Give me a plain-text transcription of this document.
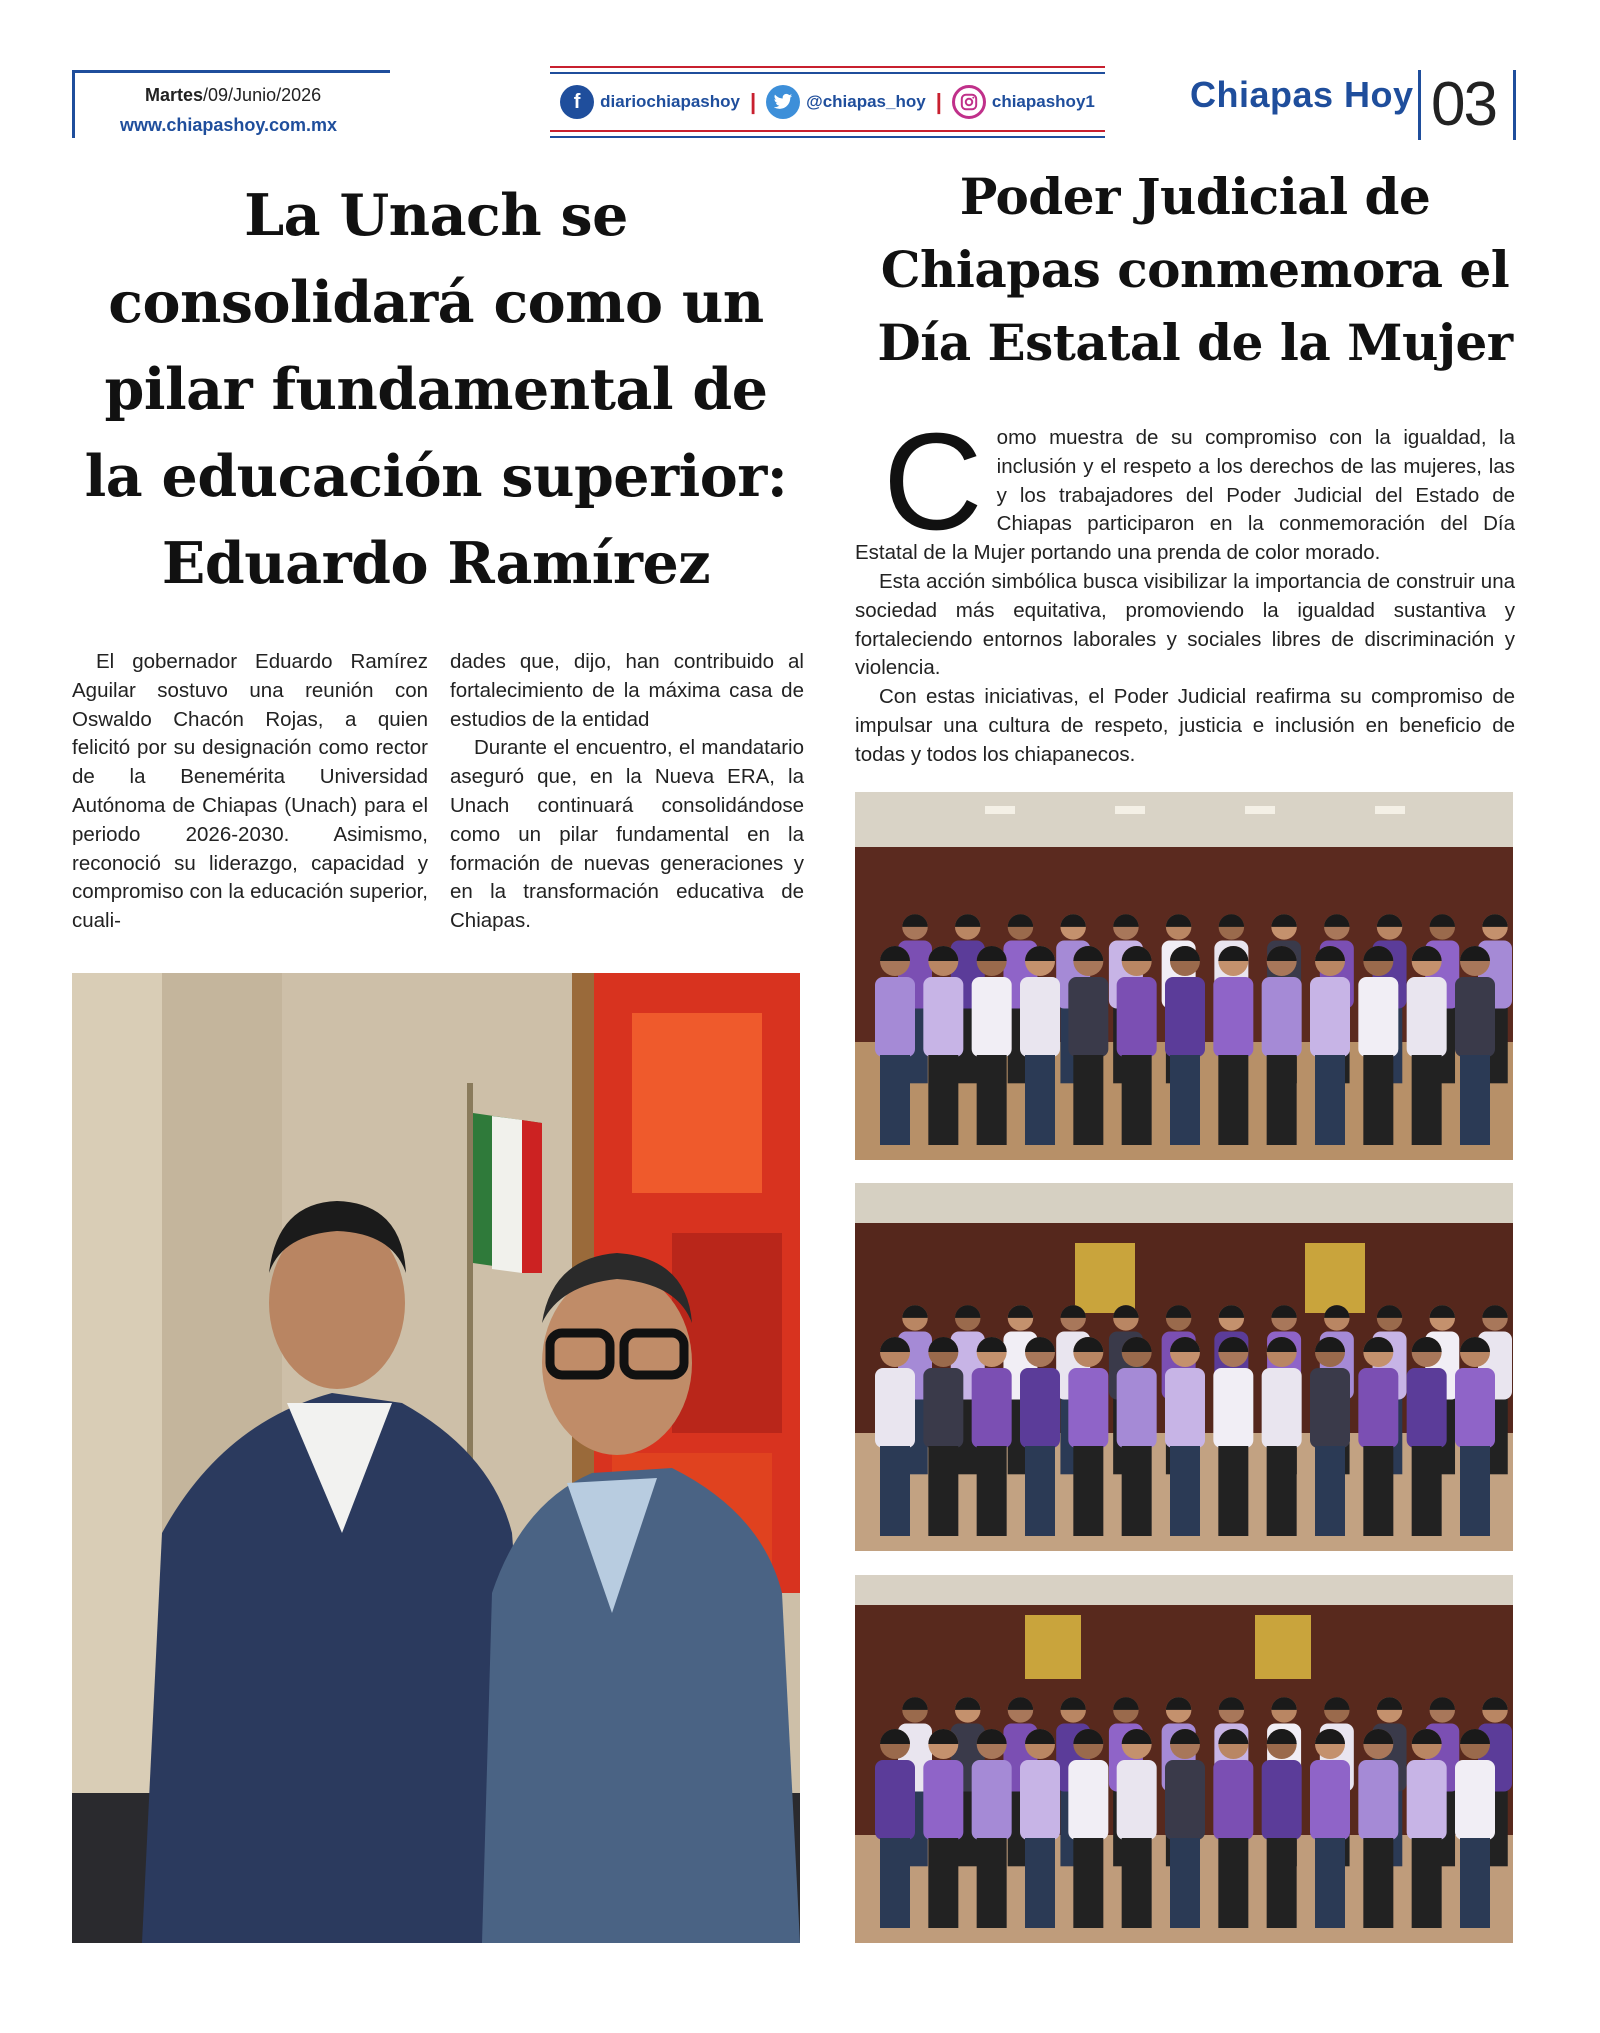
Martes/09/Junio/2026
www.chiapashoy.com.mx
f	diariochiapashoy |	@chiapas_hoy |	chiapashoy1	Chiapas Hoy 03
La Unach se consolidará como un pilar fundamental de la educación superior: Eduardo Ramírez

El gobernador Eduardo Ramírez Aguilar sostuvo una reunión con Oswaldo Chacón Rojas, a quien felicitó por su designación como rector de la Benemérita Universidad Autónoma de Chiapas (Unach) para el periodo 2026-2030. Asimismo, reconoció su liderazgo, capacidad y compromiso con la educación superior, cuali-

dades que, dijo, han contribuido al fortalecimiento de la máxima casa de estudios de la entidad

Durante el encuentro, el mandatario aseguró que, en la Nueva ERA, la Unach continuará consolidándose como un pilar fundamental en la formación de nuevas generaciones y en la transformación educativa de Chiapas.

Poder Judicial de Chiapas conmemora el Día Estatal de la Mujer
C omo muestra de su compromiso con la igualdad, la inclusión y el respeto a los derechos de las mujeres, las y los trabajadores del Poder Judicial del Estado de Chiapas participaron en la conmemoración del Día Estatal de la Mujer portando una prenda de color morado.

Esta acción simbólica busca visibilizar la importancia de construir una sociedad más equitativa, promoviendo la igualdad sustantiva y fortaleciendo entornos laborales y sociales libres de discriminación y violencia.

Con estas iniciativas, el Poder Judicial reafirma su compromiso de impulsar una cultura de respeto, justicia e inclusión en beneficio de todas y todos los chiapanecos.
